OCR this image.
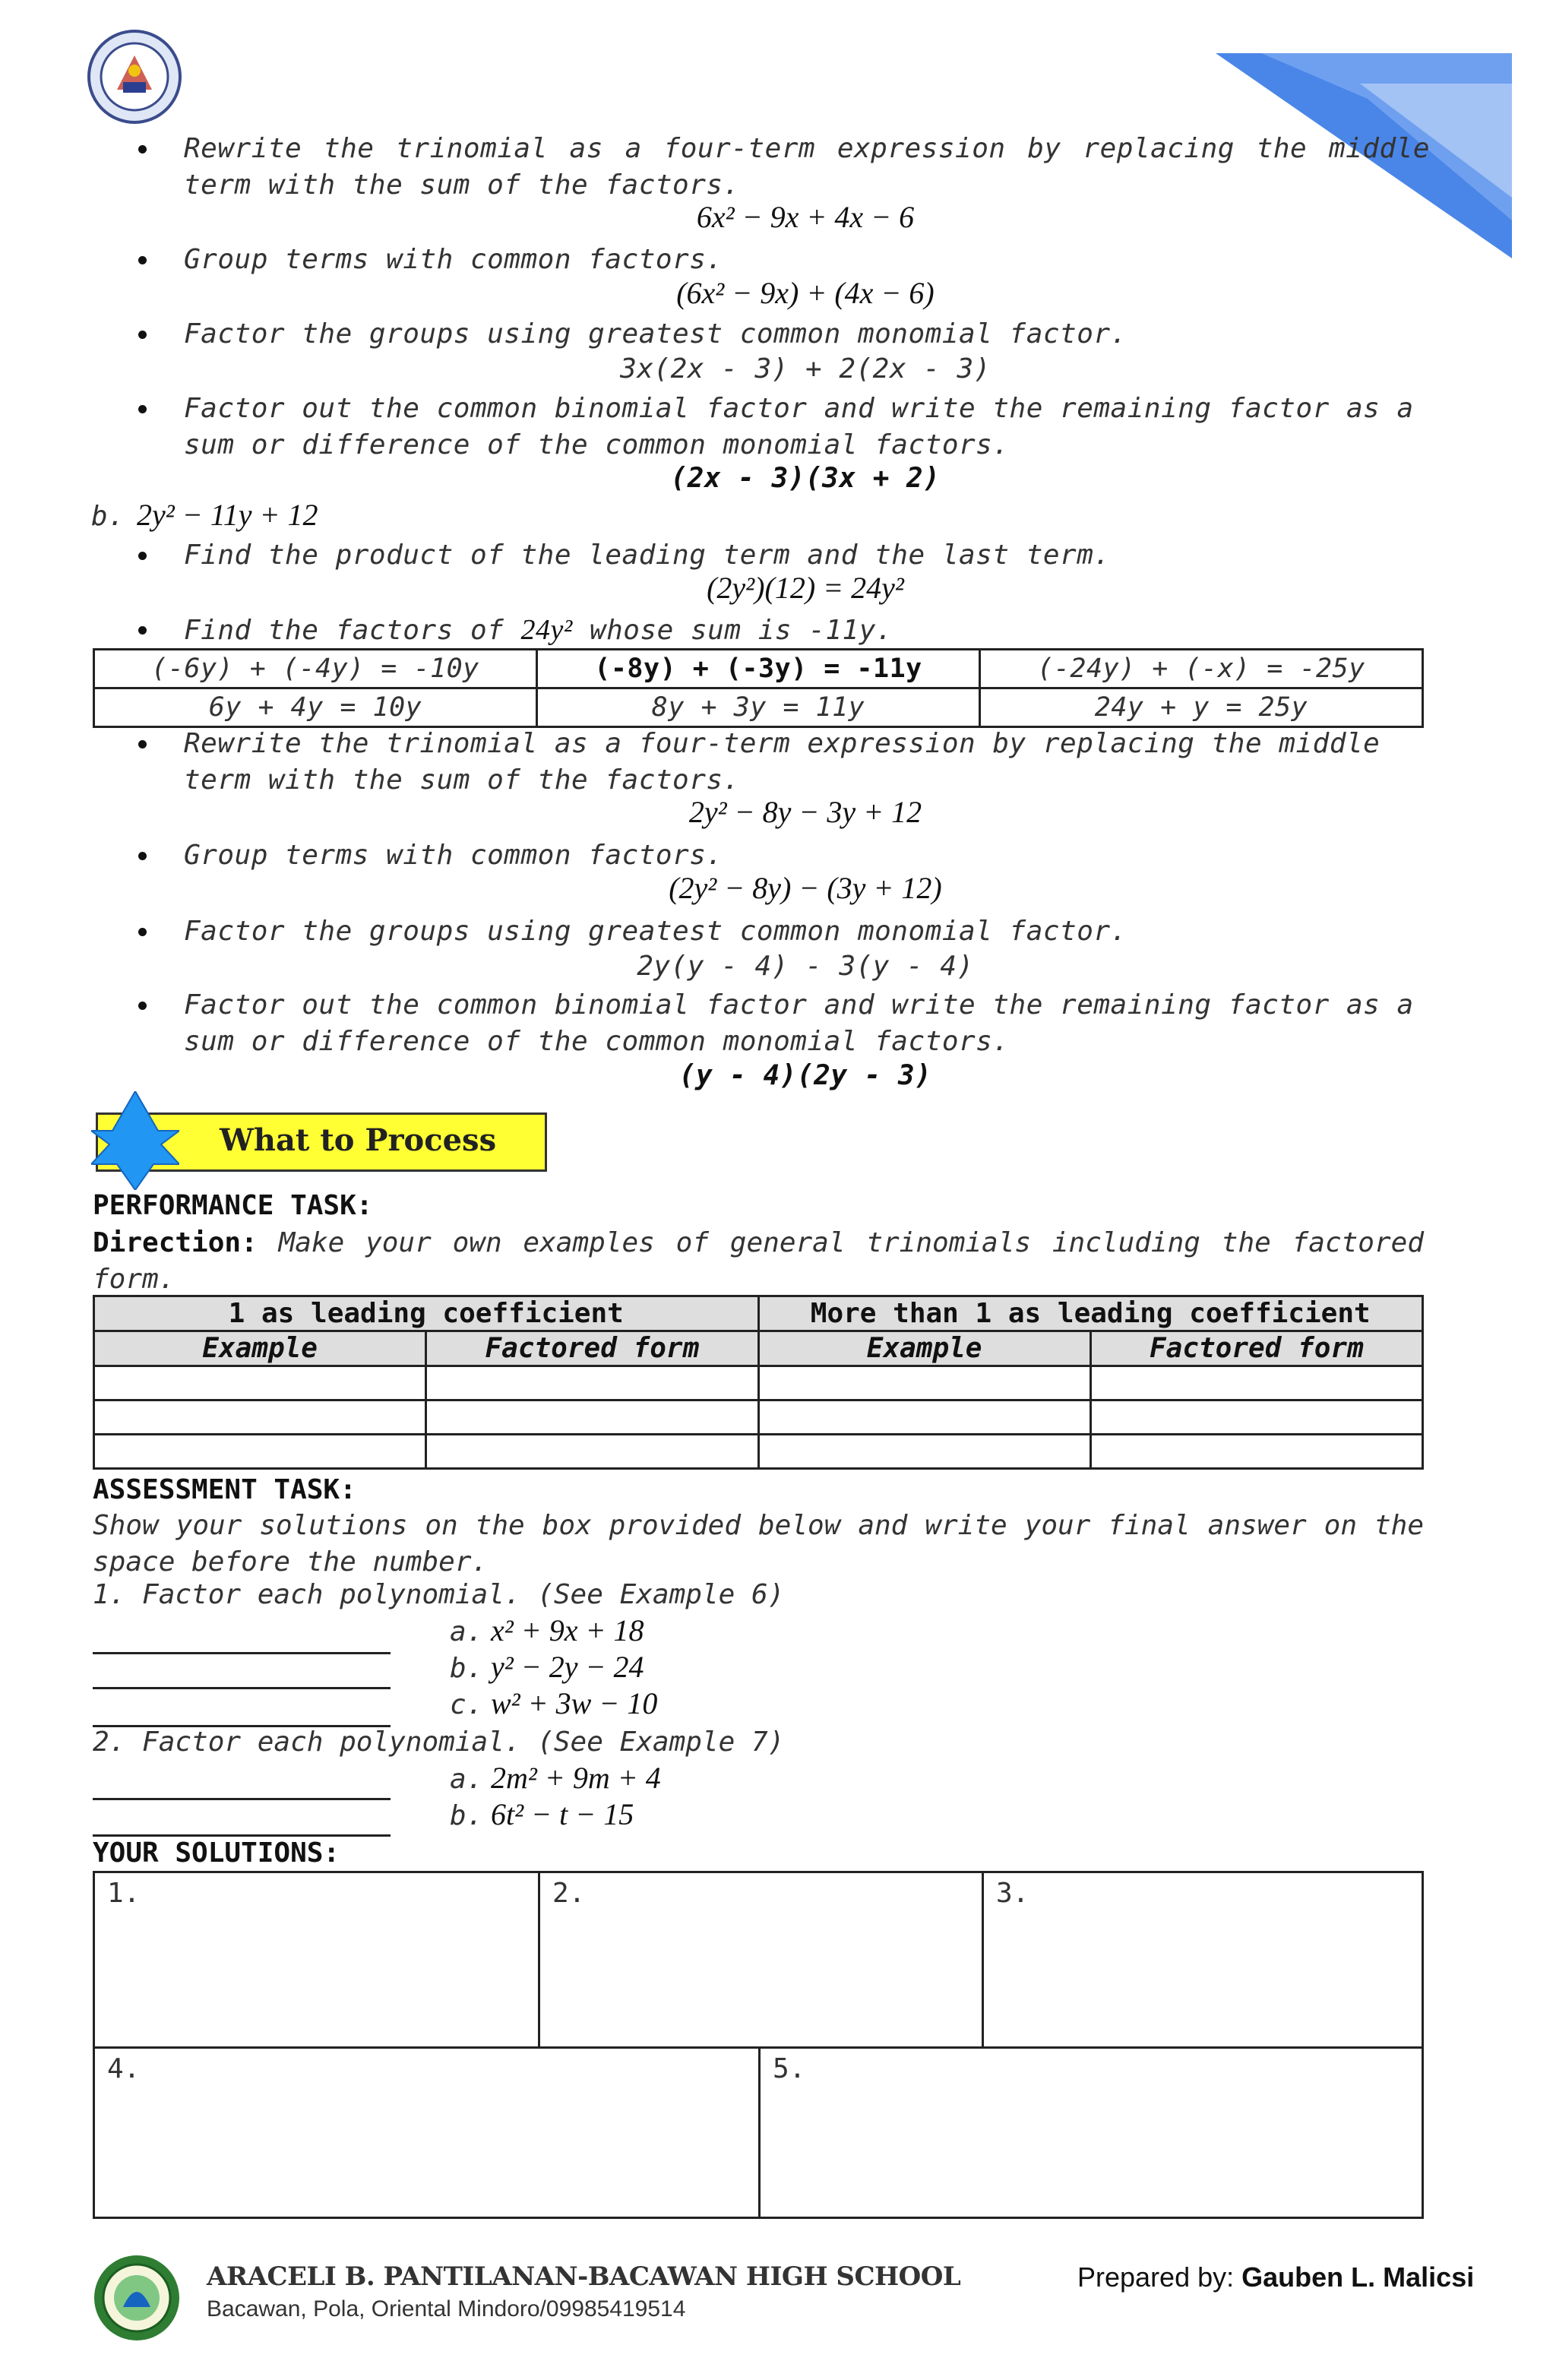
Rewrite the trinomial as a four-term expression by replacing the middle term with the sum of the factors.
6x² − 9x + 4x − 6
Group terms with common factors.
(6x² − 9x) + (4x − 6)
Factor the groups using greatest common monomial factor.
3x(2x - 3) + 2(2x - 3)
Factor out the common binomial factor and write the remaining factor as a sum or difference of the common monomial factors.
(2x - 3)(3x + 2)
b. 2y² − 11y + 12
Find the product of the leading term and the last term.
(2y²)(12) = 24y²
Find the factors of 24y² whose sum is -11y.
(-6y) + (-4y) = -10y	(-8y) + (-3y) = -11y	(-24y) + (-x) = -25y
6y + 4y = 10y	8y + 3y = 11y	24y + y = 25y
Rewrite the trinomial as a four-term expression by replacing the middle term with the sum of the factors.
2y² − 8y − 3y + 12
Group terms with common factors.
(2y² − 8y) − (3y + 12)
Factor the groups using greatest common monomial factor.
2y(y - 4) - 3(y - 4)
Factor out the common binomial factor and write the remaining factor as a sum or difference of the common monomial factors.
(y - 4)(2y - 3)
What to Process
PERFORMANCE TASK:
Direction: Make your own examples of general trinomials including the factored form.
1 as leading coefficient		More than 1 as leading coefficient	
Example	Factored form	Example	Factored form

ASSESSMENT TASK:
Show your solutions on the box provided below and write your final answer on the space before the number.
1. Factor each polynomial. (See Example 6)
a. x² + 9x + 18
b. y² − 2y − 24
c. w² + 3w − 10
2. Factor each polynomial. (See Example 7)
a. 2m² + 9m + 4
b. 6t² − t − 15
YOUR SOLUTIONS:
1.	2.	3.
4.	5.
ARACELI B. PANTILANAN-BACAWAN HIGH SCHOOL
Bacawan, Pola, Oriental Mindoro/09985419514
Prepared by: Gauben L. Malicsi
